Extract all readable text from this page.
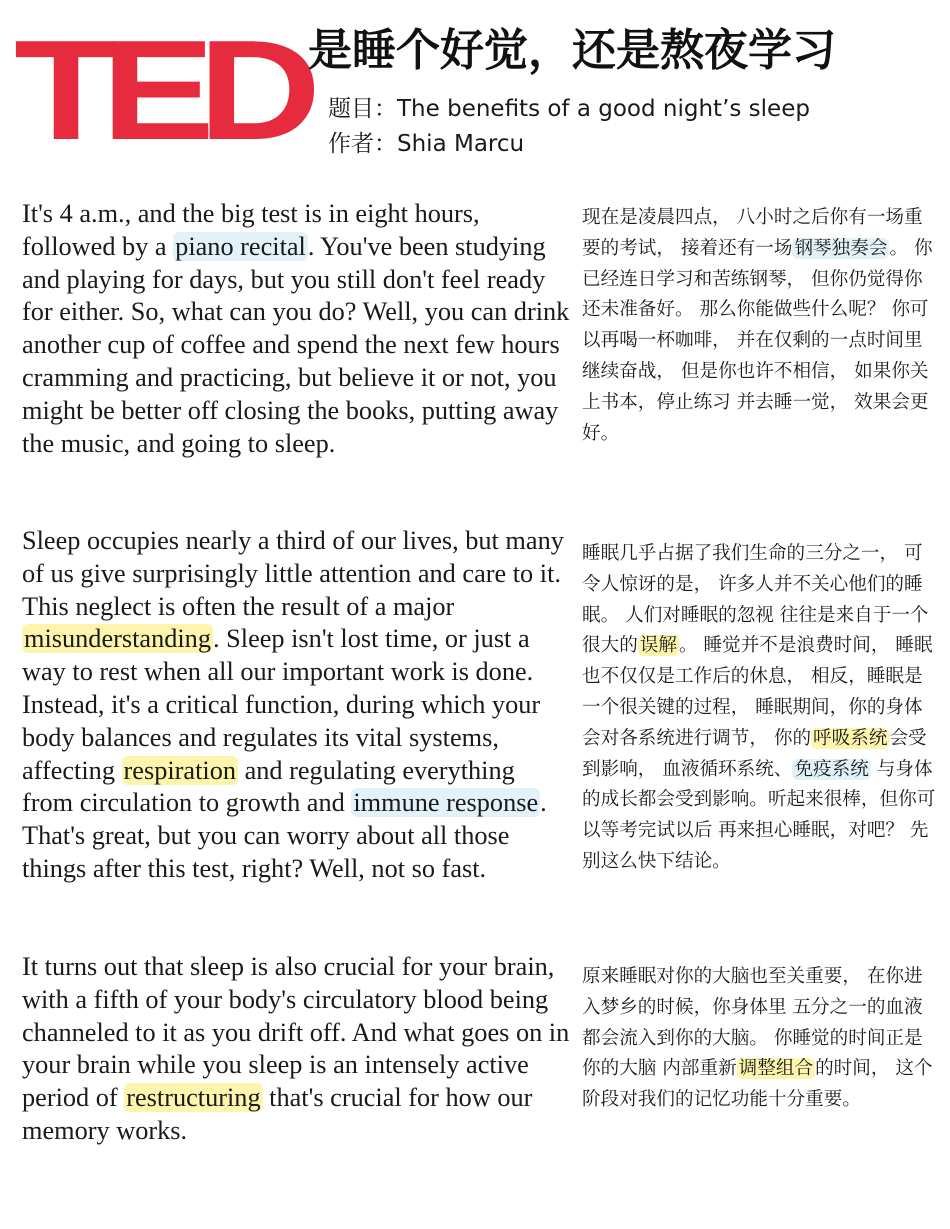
TED 是睡个好觉，还是熬夜学习
题目：The benefits of a good night’s sleep
作者：Shia Marcu
It's 4 a.m., and the big test is in eight hours, followed by a piano recital. You've been studying and playing for days, but you still don't feel ready for either. So, what can you do? Well, you can drink another cup of coffee and spend the next few hours cramming and practicing, but believe it or not, you might be better off closing the books, putting away the music, and going to sleep.
Sleep occupies nearly a third of our lives, but many of us give surprisingly little attention and care to it. This neglect is often the result of a major misunderstanding. Sleep isn't lost time, or just a way to rest when all our important work is done. Instead, it's a critical function, during which your body balances and regulates its vital systems, affecting respiration and regulating everything from circulation to growth and immune response. That's great, but you can worry about all those things after this test, right? Well, not so fast.
It turns out that sleep is also crucial for your brain, with a fifth of your body's circulatory blood being channeled to it as you drift off. And what goes on in your brain while you sleep is an intensely active period of restructuring that's crucial for how our memory works.
现在是凌晨四点， 八小时之后你有一场重要的考试， 接着还有一场 钢琴独奏会 。 你已经连日学习和苦练钢琴， 但你仍觉得你还未准备好。 那么你能做些什么呢？ 你可以再喝一杯咖啡， 并在仅剩的一点时间里继续奋战， 但是你也许不相信， 如果你关上书本，停止练习 并去睡一觉， 效果会更好。
睡眠几乎占据了我们生命的三分之一， 可令人惊讶的是， 许多人并不关心他们的睡眠。 人们对睡眠的忽视 往往是来自于一个很大的 误解 。 睡觉并不是浪费时间， 睡眠也不仅仅是工作后的休息， 相反，睡眠是一个很关键的过程， 睡眠期间，你的身体会对各系统进行调节， 你的 呼吸系统 会受到影响， 血液循环系统、 免疫系统 与身体的成长都会受到影响。听起来很棒，但你可以等考完试以后 再来担心睡眠，对吧？ 先别这么快下结论。
原来睡眠对你的大脑也至关重要， 在你进入梦乡的时候，你身体里 五分之一的血液都会流入到你的大脑。 你睡觉的时间正是你的大脑 内部重新 调整组合 的时间， 这个阶段对我们的记忆功能十分重要。
